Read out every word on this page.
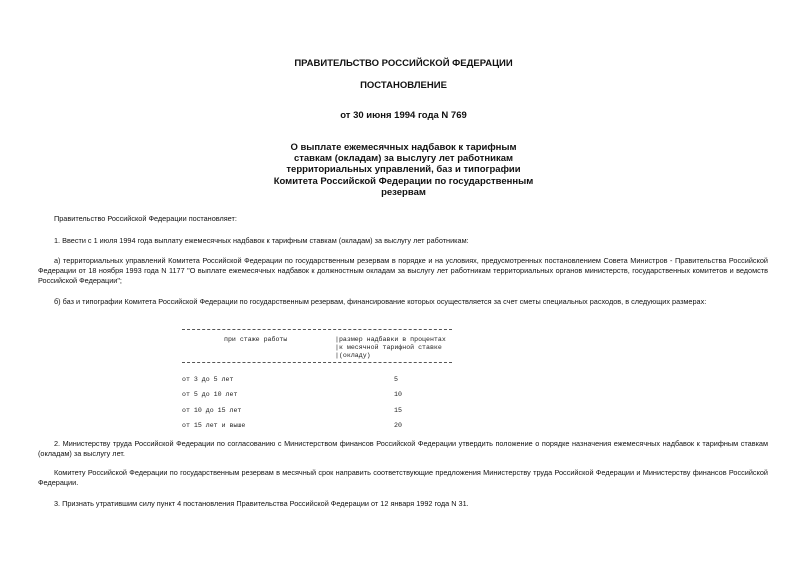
ПРАВИТЕЛЬСТВО РОССИЙСКОЙ ФЕДЕРАЦИИ
ПОСТАНОВЛЕНИЕ
от 30 июня 1994 года N 769
О выплате ежемесячных надбавок к тарифным
ставкам (окладам) за выслугу лет работникам
территориальных управлений, баз и типографии
Комитета Российской Федерации по государственным
резервам
Правительство Российской Федерации постановляет:
1. Ввести с 1 июля 1994 года выплату ежемесячных надбавок к тарифным ставкам (окладам) за выслугу лет работникам:
а) территориальных управлений Комитета Российской Федерации по государственным резервам в порядке и на условиях, предусмотренных постановлением Совета Министров - Правительства Российской Федерации от 18 ноября 1993 года N 1177 "О выплате ежемесячных надбавок к должностным окладам за выслугу лет работникам территориальных органов министерств, государственных комитетов и ведомств Российской Федерации";
б) баз и типографии Комитета Российской Федерации по государственным резервам, финансирование которых осуществляется за счет сметы специальных расходов, в следующих размерах:
при стаже работы	|размер надбавки в процентах
|к месячной тарифной ставке
|(окладу)
от 3 до 5 лет	5
от 5 до 10 лет	10
от 10 до 15 лет	15
от 15 лет и выше	20
2. Министерству труда Российской Федерации по согласованию с Министерством финансов Российской Федерации утвердить положение о порядке назначения ежемесячных надбавок к тарифным ставкам (окладам) за выслугу лет.
Комитету Российской Федерации по государственным резервам в месячный срок направить соответствующие предложения Министерству труда Российской Федерации и Министерству финансов Российской Федерации.
3. Признать утратившим силу пункт 4 постановления Правительства Российской Федерации от 12 января 1992 года N 31.
